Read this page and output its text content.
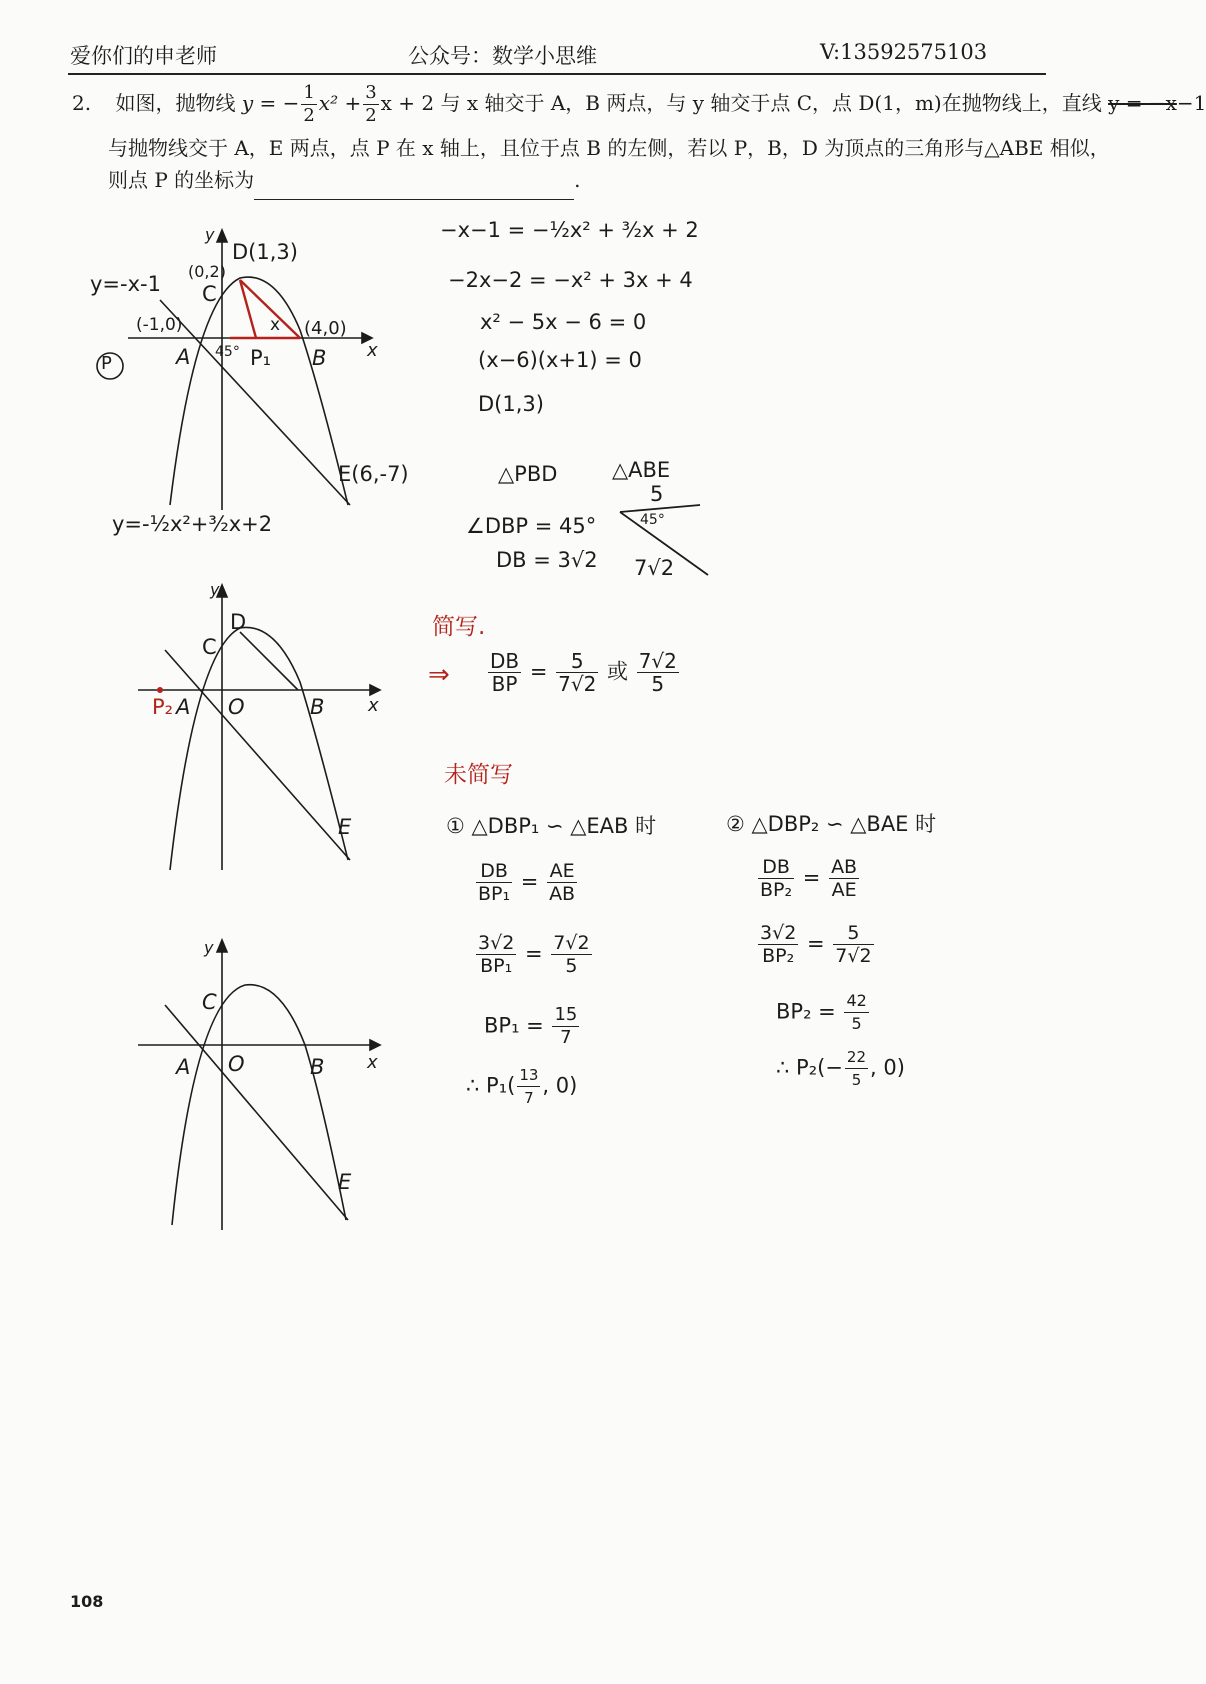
爱你们的申老师	公众号：数学小思维	V:13592575103
2. 如图，抛物线 y = − $\frac{1}{2} x^2 + \frac{3}{2}$ x + 2 与 x 轴交于 A，B 两点，与 y 轴交于点 C，点 D(1，m)在抛物线上，直线 y = −x−1
与抛物线交于 A，E 两点，点 P 在 x 轴上，且位于点 B 的左侧，若以 P，B，D 为顶点的三角形与△ABE 相似，
则点 P 的坐标为	.
P
y
x
D(1,3)
C
(0,2)
A
(-1,0)
45° P₁
x (4,0)
B
E(6,-7)
y=-x-1
y=-½x²+³⁄₂x+2
y
x
D
C
P₂ A O	B
E
y
x
C
A O	B
E
−x−1 = −½x² + ³⁄₂x + 2
−2x−2 = −x² + 3x + 4
x² − 5x − 6 = 0
(x−6)(x+1) = 0
D(1,3)
△PBD	△ABE
∠DBP = 45°
DB = 3√2
5
45°
7√2
简写.
⇒ $\frac{DB}{BP} = \frac{5}{7√2}$ 或 $\frac{7√2}{5}$
未简写
① △DBP₁ ∽ △EAB 时
$\frac{DB}{\text{BP₁}} = \frac{AE}{AB}$
$\frac{3√2}{\text{BP₁}} = \frac{7√2}{5}$
$BP_1 = \frac{15}{7}$
∴ $P_1( \frac{13}{7}$ , 0)
② △DBP₂ ∽ △BAE 时
$\frac{DB}{\text{BP₂}} = \frac{AB}{AE}$
$\frac{3√2}{\text{BP₂}} = \frac{5}{7√2}$
$BP_2 = \frac{42}{5}$
∴ $P_2(- \frac{22}{5}$ , 0)
108
